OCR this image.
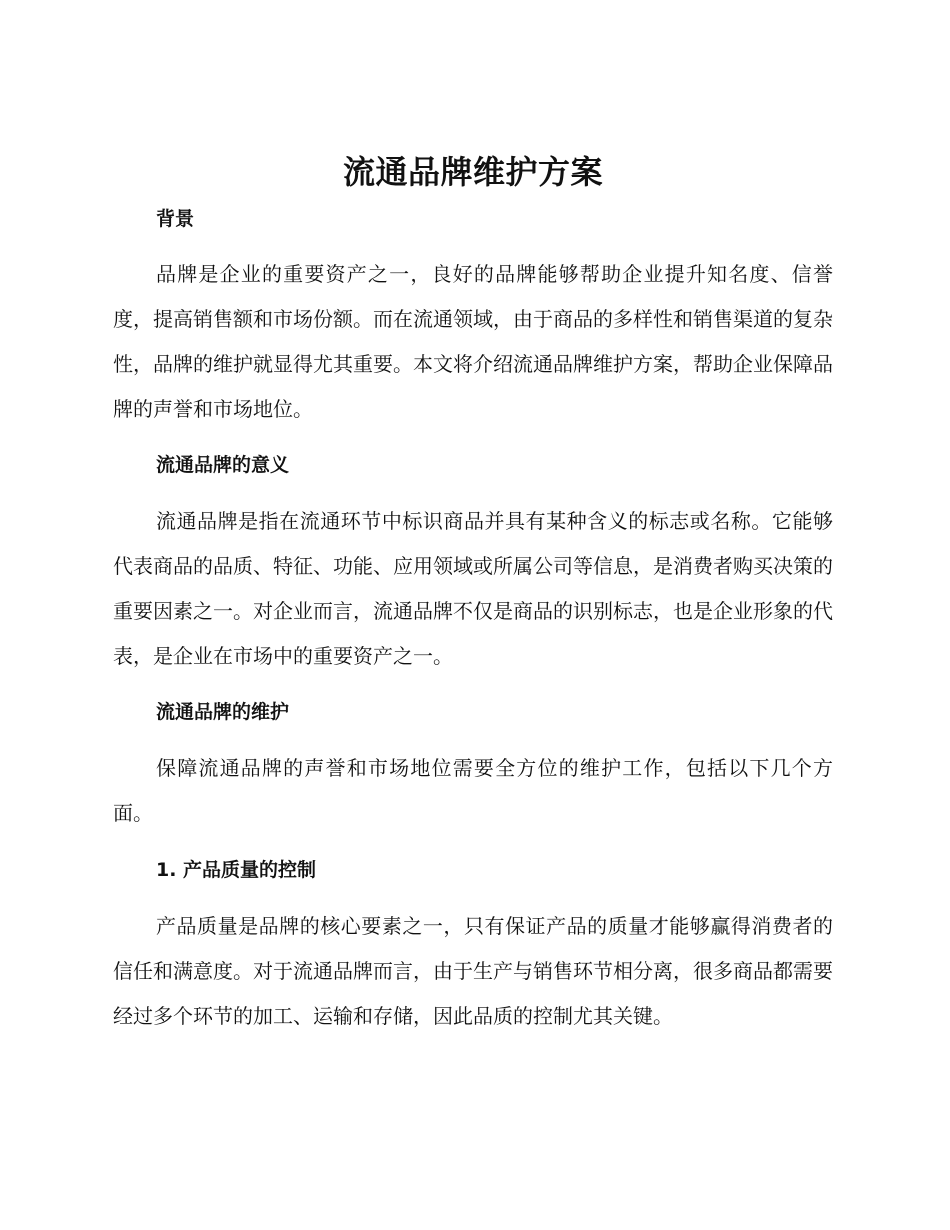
流通品牌维护方案
背景

品牌是企业的重要资产之一，良好的品牌能够帮助企业提升知名度、信誉度，提高销售额和市场份额。而在流通领域，由于商品的多样性和销售渠道的复杂性，品牌的维护就显得尤其重要。本文将介绍流通品牌维护方案，帮助企业保障品牌的声誉和市场地位。

流通品牌的意义

流通品牌是指在流通环节中标识商品并具有某种含义的标志或名称。它能够代表商品的品质、特征、功能、应用领域或所属公司等信息，是消费者购买决策的重要因素之一。对企业而言，流通品牌不仅是商品的识别标志，也是企业形象的代表，是企业在市场中的重要资产之一。

流通品牌的维护

保障流通品牌的声誉和市场地位需要全方位的维护工作，包括以下几个方面。

1. 产品质量的控制

产品质量是品牌的核心要素之一，只有保证产品的质量才能够赢得消费者的信任和满意度。对于流通品牌而言，由于生产与销售环节相分离，很多商品都需要经过多个环节的加工、运输和存储，因此品质的控制尤其关键。
